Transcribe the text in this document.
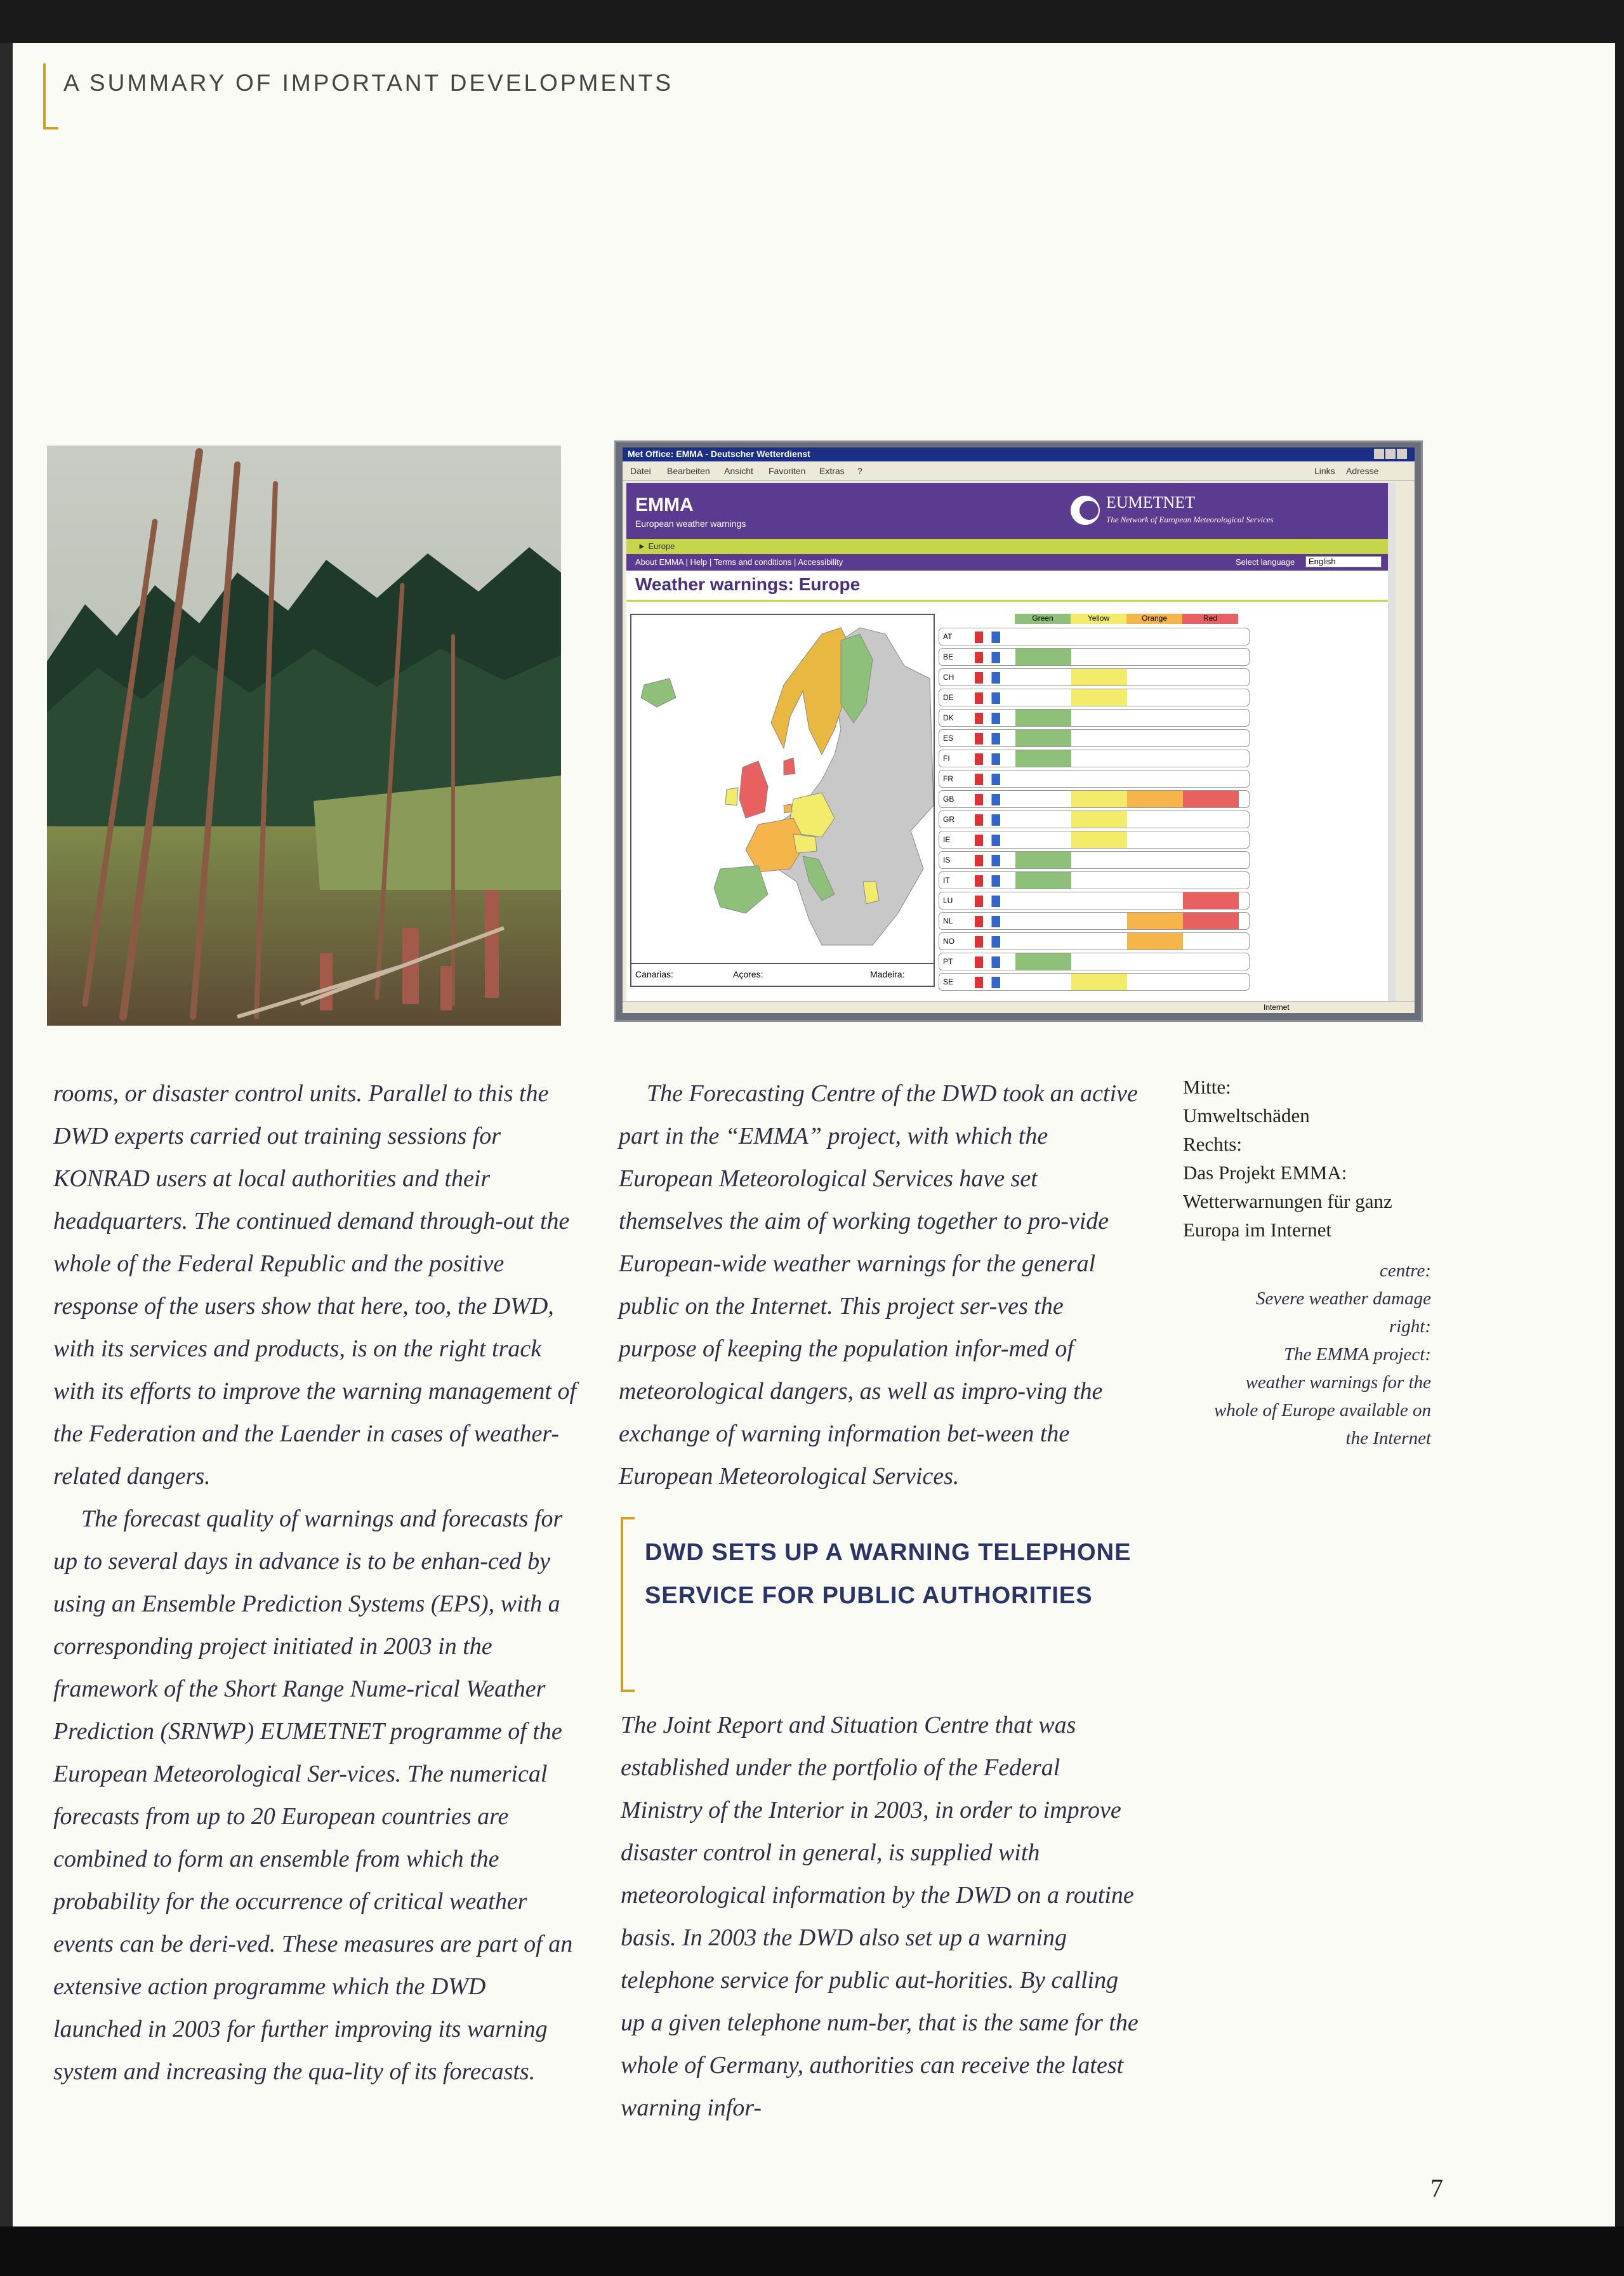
A SUMMARY OF IMPORTANT DEVELOPMENTS
Met Office: EMMA - Deutscher Wetterdienst
Datei Bearbeiten Ansicht Favoriten Extras ?	Links Adresse
EMMA
European weather warnings
EUMETNET
The Network of European Meteorological Services
► Europe
About EMMA | Help | Terms and conditions | Accessibility	Select language	English
Weather warnings: Europe
Canarias:	Açores:	Madeira:
Green	Yellow	Orange	Red
AT
BE
CH
DE
DK
ES
FI
FR
GB
GR
IE
IS
IT
LU
NL
NO
PT
SE
Internet

rooms, or disaster control units. Parallel to this the DWD experts carried out training sessions for KONRAD users at local authorities and their headquarters. The continued demand through-out the whole of the Federal Republic and the positive response of the users show that here, too, the DWD, with its services and products, is on the right track with its efforts to improve the warning management of the Federation and the Laender in cases of weather-related dangers.

The forecast quality of warnings and forecasts for up to several days in advance is to be enhan-ced by using an Ensemble Prediction Systems (EPS), with a corresponding project initiated in 2003 in the framework of the Short Range Nume-rical Weather Prediction (SRNWP) EUMETNET programme of the European Meteorological Ser-vices. The numerical forecasts from up to 20 European countries are combined to form an ensemble from which the probability for the occurrence of critical weather events can be deri-ved. These measures are part of an extensive action programme which the DWD launched in 2003 for further improving its warning system and increasing the qua-lity of its forecasts.

The Forecasting Centre of the DWD took an active part in the “EMMA” project, with which the European Meteorological Services have set themselves the aim of working together to pro-vide European-wide weather warnings for the general public on the Internet. This project ser-ves the purpose of keeping the population infor-med of meteorological dangers, as well as impro-ving the exchange of warning information bet-ween the European Meteorological Services.

DWD SETS UP A WARNING TELEPHONE SERVICE FOR PUBLIC AUTHORITIES

The Joint Report and Situation Centre that was established under the portfolio of the Federal Ministry of the Interior in 2003, in order to improve disaster control in general, is supplied with meteorological information by the DWD on a routine basis. In 2003 the DWD also set up a warning telephone service for public aut-horities. By calling up a given telephone num-ber, that is the same for the whole of Germany, authorities can receive the latest warning infor-

Mitte:
Umweltschäden
Rechts:
Das Projekt EMMA:
Wetterwarnungen für ganz
Europa im Internet
centre:
Severe weather damage
right:
The EMMA project:
weather warnings for the
whole of Europe available on
the Internet
7
